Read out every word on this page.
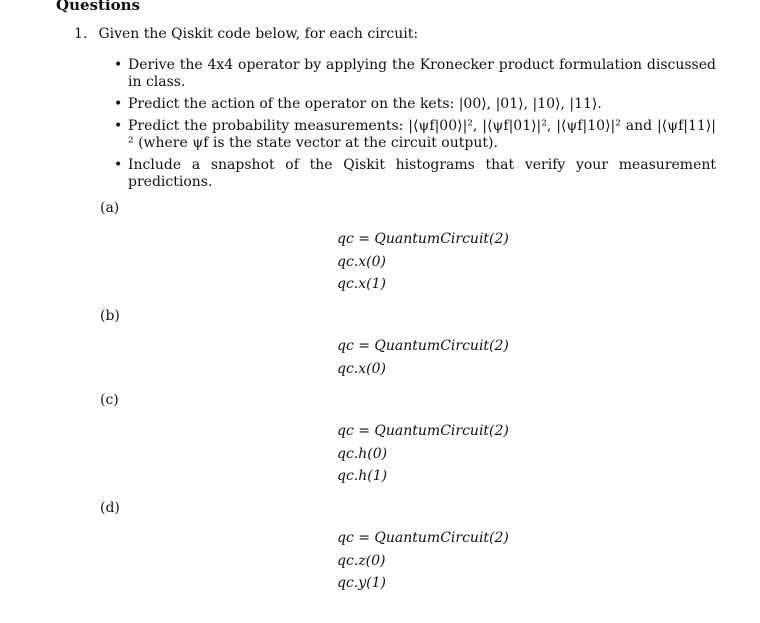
Questions
1. Given the Qiskit code below, for each circuit:
• Derive the 4x4 operator by applying the Kronecker product formulation discussed in class.
• Predict the action of the operator on the kets: |00⟩, |01⟩, |10⟩, |11⟩.
• Predict the probability measurements: |⟨ψf|00⟩|², |⟨ψf|01⟩|², |⟨ψf|10⟩|² and |⟨ψf|11⟩|² (where ψf is the state vector at the circuit output).
• Include a snapshot of the Qiskit histograms that verify your measurement predictions.
(a)
qc = QuantumCircuit(2)
qc.x(0)
qc.x(1)
(b)
qc = QuantumCircuit(2)
qc.x(0)
(c)
qc = QuantumCircuit(2)
qc.h(0)
qc.h(1)
(d)
qc = QuantumCircuit(2)
qc.z(0)
qc.y(1)
